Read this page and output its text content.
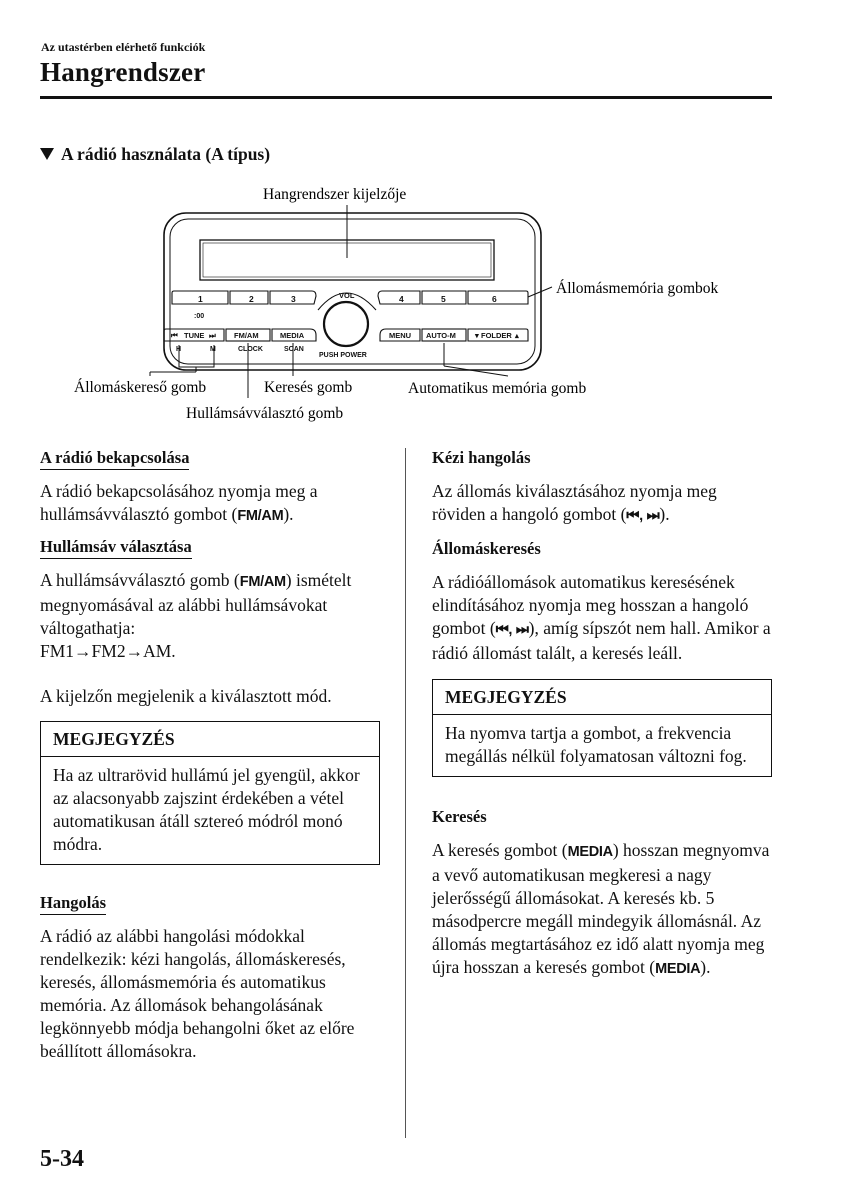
Az utastérben elérhető funkciók
Hangrendszer
A rádió használata (A típus)
1	2	3	4	5	6
:00
VOL
PUSH POWER
⏮ TUNE ⏭ FM/AM	MEDIA	MENU AUTO-M	▾ FOLDER ▴
H	M	CLOCK	SCAN
Hangrendszer kijelzője
Állomásmemória gombok
Állomáskereső gomb	Keresés gomb
Hullámsávválasztó gomb
Automatikus memória gomb
A rádió bekapcsolása
A rádió bekapcsolásához nyomja meg a hullámsávválasztó gombot (FM/AM).
Hullámsáv választása
A hullámsávválasztó gomb (FM/AM) ismételt megnyomásával az alábbi hullámsávokat váltogathatja:
FM1→FM2→AM.
A kijelzőn megjelenik a kiválasztott mód.
MEGJEGYZÉS
Ha az ultrarövid hullámú jel gyengül, akkor az alacsonyabb zajszint érdekében a vétel automatikusan átáll sztereó módról monó módra.
Hangolás
A rádió az alábbi hangolási módokkal rendelkezik: kézi hangolás, állomáskeresés, keresés, állomásmemória és automatikus memória. Az állomások behangolásának legkönnyebb módja behangolni őket az előre beállított állomásokra.
Kézi hangolás
Az állomás kiválasztásához nyomja meg röviden a hangoló gombot (⏮, ⏭).
Állomáskeresés
A rádióállomások automatikus keresésének elindításához nyomja meg hosszan a hangoló gombot (⏮, ⏭), amíg sípszót nem hall. Amikor a rádió állomást talált, a keresés leáll.
MEGJEGYZÉS
Ha nyomva tartja a gombot, a frekvencia megállás nélkül folyamatosan változni fog.
Keresés
A keresés gombot (MEDIA) hosszan megnyomva a vevő automatikusan megkeresi a nagy jelerősségű állomásokat. A keresés kb. 5 másodpercre megáll mindegyik állomásnál. Az állomás megtartásához ez idő alatt nyomja meg újra hosszan a keresés gombot (MEDIA).
5-34
